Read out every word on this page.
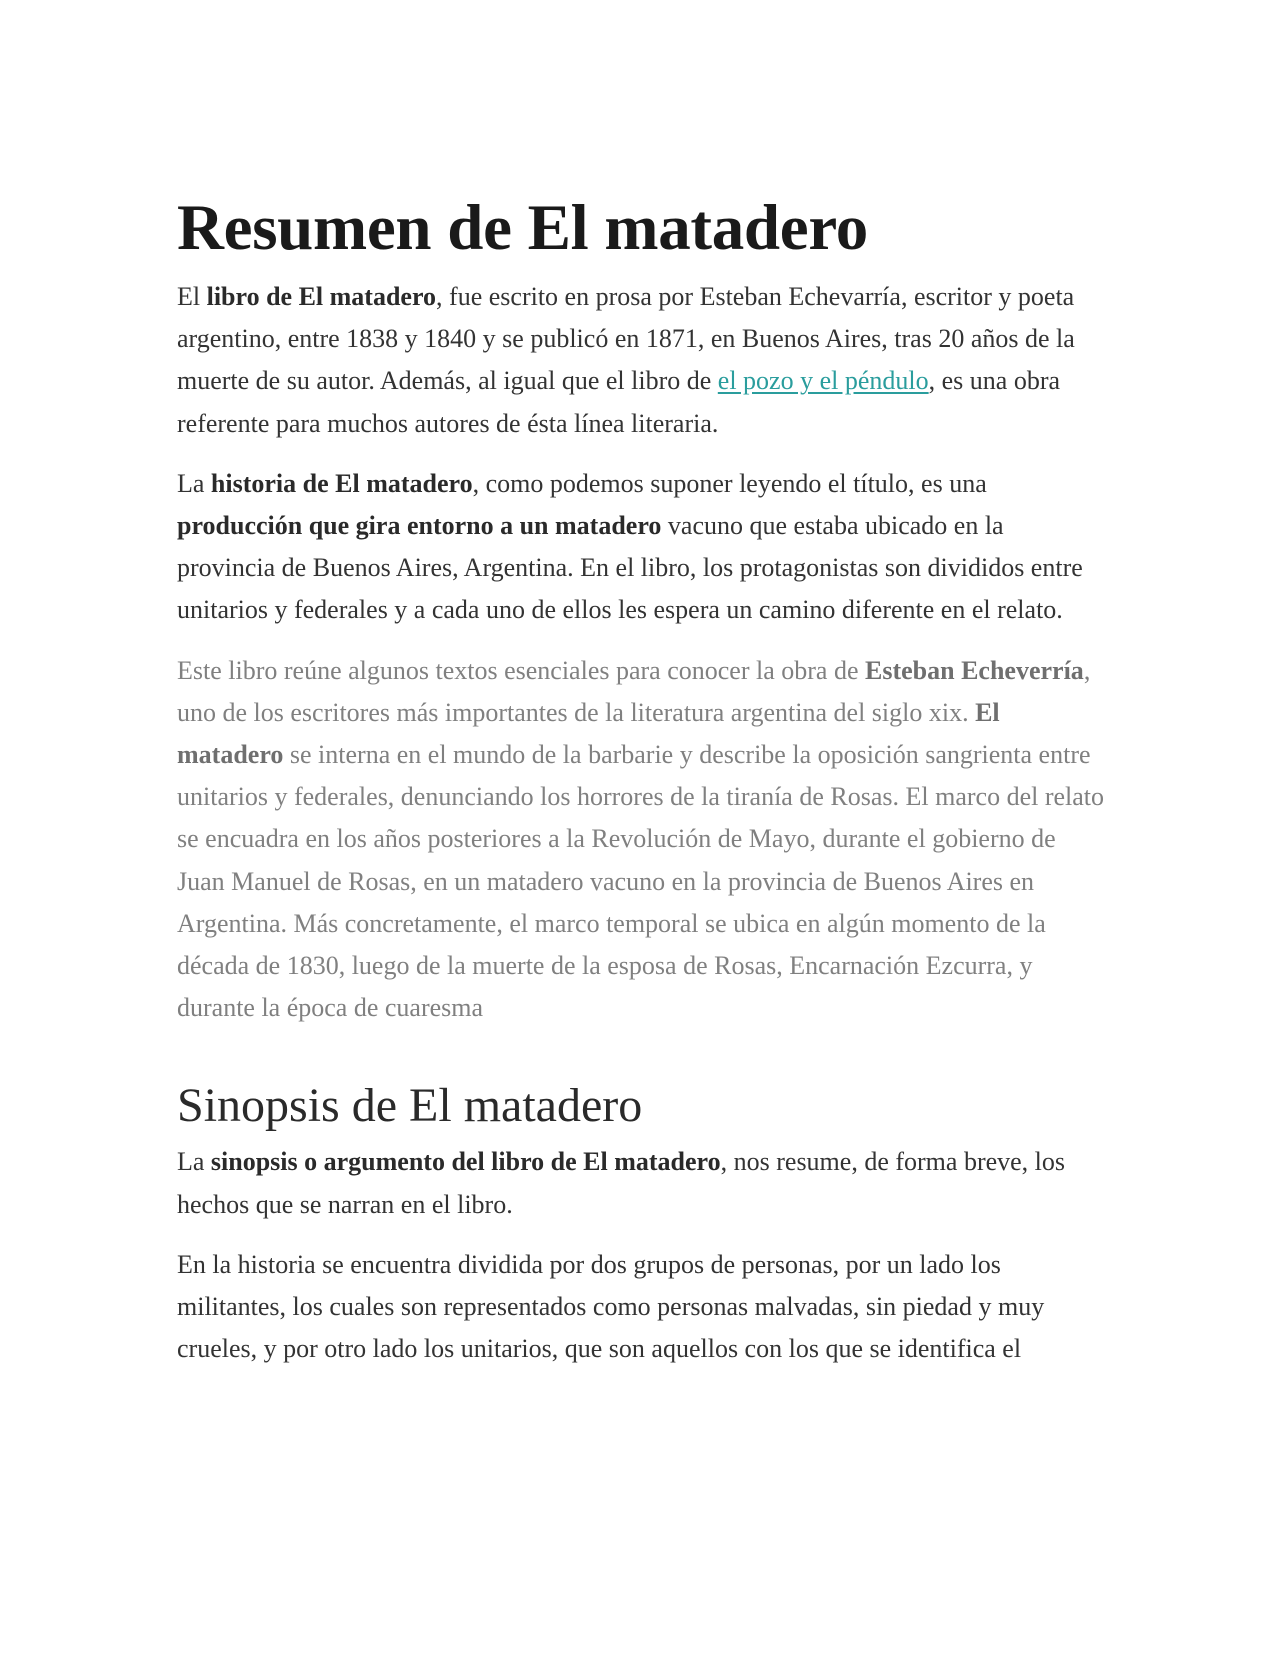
Resumen de El matadero

El libro de El matadero, fue escrito en prosa por Esteban Echevarría, escritor y poeta argentino, entre 1838 y 1840 y se publicó en 1871, en Buenos Aires, tras 20 años de la muerte de su autor. Además, al igual que el libro de el pozo y el péndulo, es una obra referente para muchos autores de ésta línea literaria.

La historia de El matadero, como podemos suponer leyendo el título, es una producción que gira entorno a un matadero vacuno que estaba ubicado en la provincia de Buenos Aires, Argentina. En el libro, los protagonistas son divididos entre unitarios y federales y a cada uno de ellos les espera un camino diferente en el relato.

Este libro reúne algunos textos esenciales para conocer la obra de Esteban Echeverría, uno de los escritores más importantes de la literatura argentina del siglo xix. El matadero se interna en el mundo de la barbarie y describe la oposición sangrienta entre unitarios y federales, denunciando los horrores de la tiranía de Rosas. El marco del relato se encuadra en los años posteriores a la Revolución de Mayo, durante el gobierno de Juan Manuel de Rosas, en un matadero vacuno en la provincia de Buenos Aires en Argentina. Más concretamente, el marco temporal se ubica en algún momento de la década de 1830, luego de la muerte de la esposa de Rosas, Encarnación Ezcurra, y durante la época de cuaresma

Sinopsis de El matadero

La sinopsis o argumento del libro de El matadero, nos resume, de forma breve, los hechos que se narran en el libro.

En la historia se encuentra dividida por dos grupos de personas, por un lado los militantes, los cuales son representados como personas malvadas, sin piedad y muy crueles, y por otro lado los unitarios, que son aquellos con los que se identifica el
